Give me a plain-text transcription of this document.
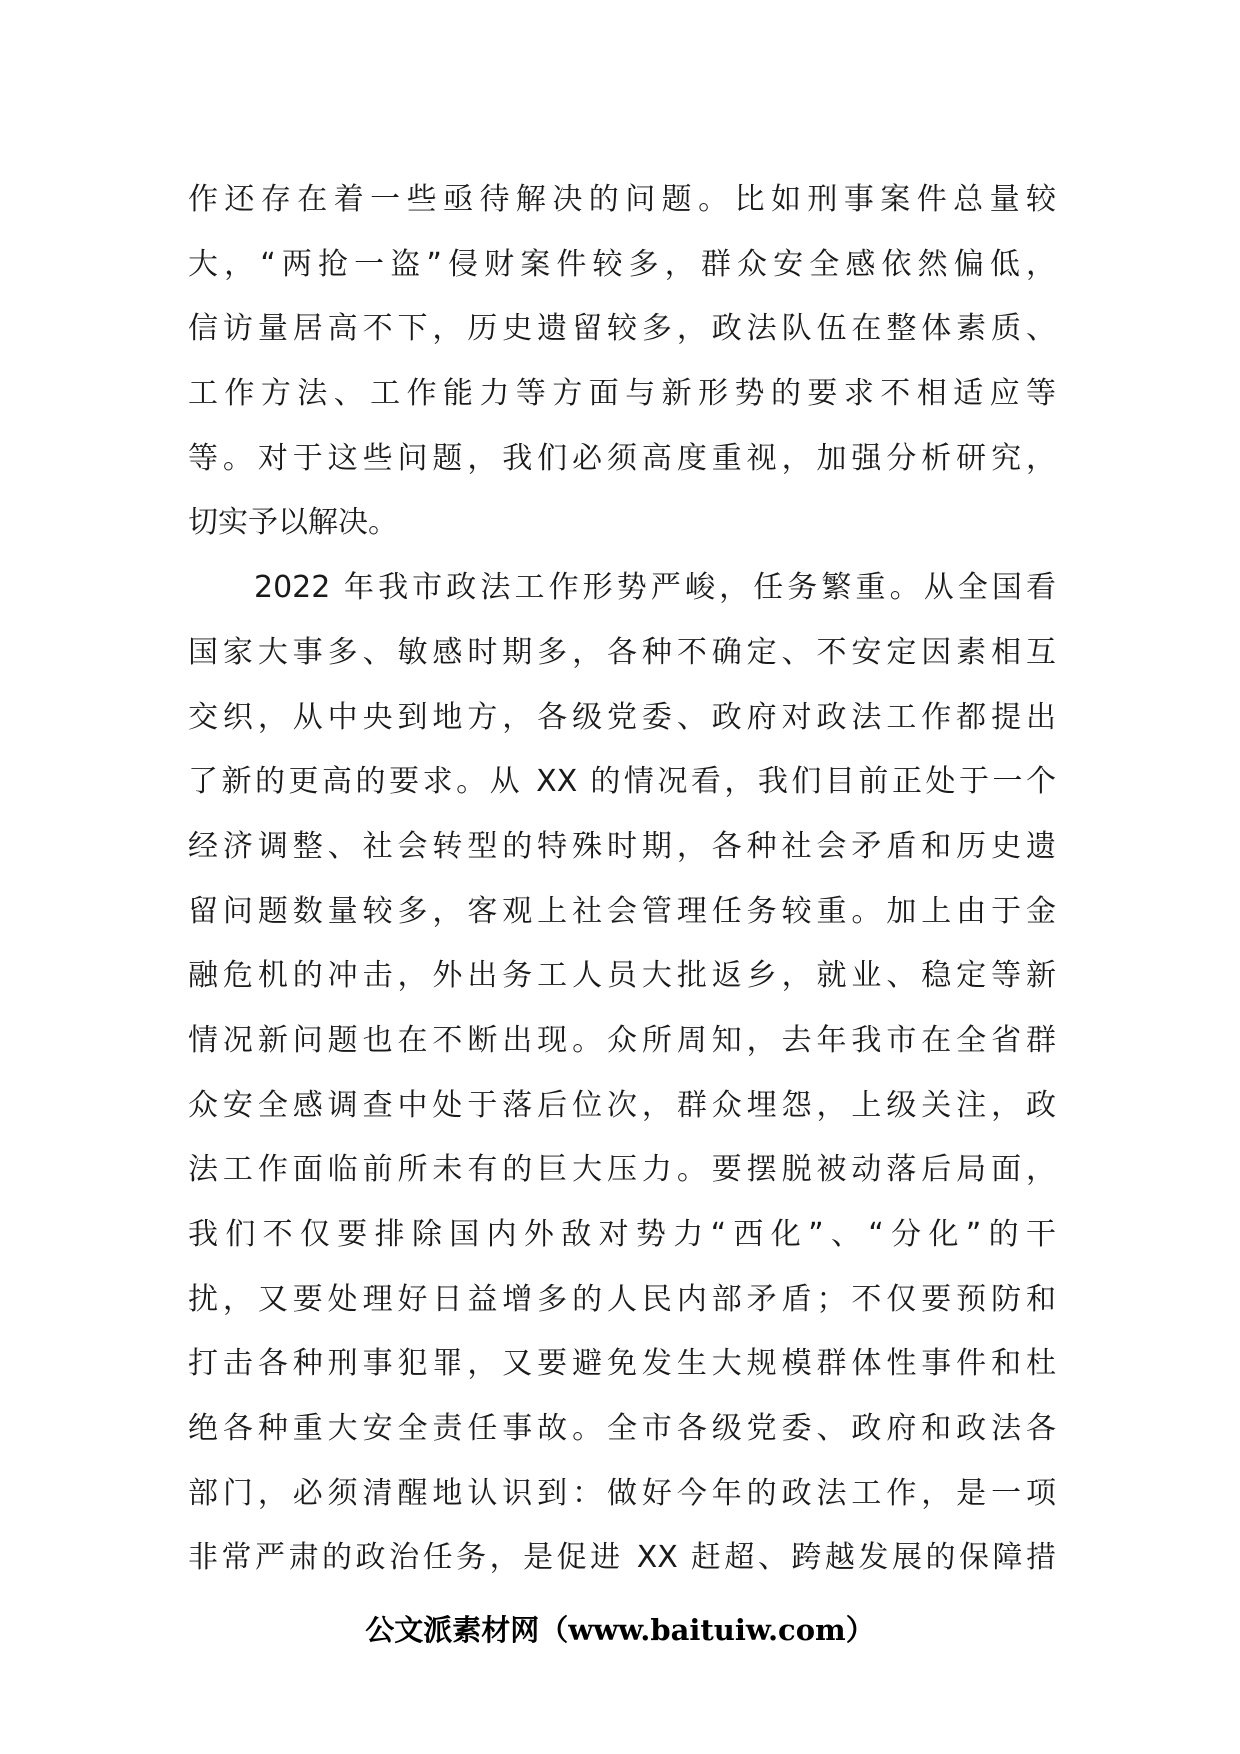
作还存在着一些亟待解决的问题。比如刑事案件总量较
大，“两抢一盗”侵财案件较多，群众安全感依然偏低，
信访量居高不下，历史遗留较多，政法队伍在整体素质、
工作方法、工作能力等方面与新形势的要求不相适应等
等。对于这些问题，我们必须高度重视，加强分析研究，
切实予以解决。
2022 年我市政法工作形势严峻，任务繁重。从全国看
国家大事多、敏感时期多，各种不确定、不安定因素相互
交织，从中央到地方，各级党委、政府对政法工作都提出
了新的更高的要求。从 XX 的情况看，我们目前正处于一个
经济调整、社会转型的特殊时期，各种社会矛盾和历史遗
留问题数量较多，客观上社会管理任务较重。加上由于金
融危机的冲击，外出务工人员大批返乡，就业、稳定等新
情况新问题也在不断出现。众所周知，去年我市在全省群
众安全感调查中处于落后位次，群众埋怨，上级关注，政
法工作面临前所未有的巨大压力。要摆脱被动落后局面，
我们不仅要排除国内外敌对势力“西化”、“分化”的干
扰，又要处理好日益增多的人民内部矛盾；不仅要预防和
打击各种刑事犯罪，又要避免发生大规模群体性事件和杜
绝各种重大安全责任事故。全市各级党委、政府和政法各
部门，必须清醒地认识到：做好今年的政法工作，是一项
非常严肃的政治任务，是促进 XX 赶超、跨越发展的保障措
公文派素材网（www.baituiw.com）
